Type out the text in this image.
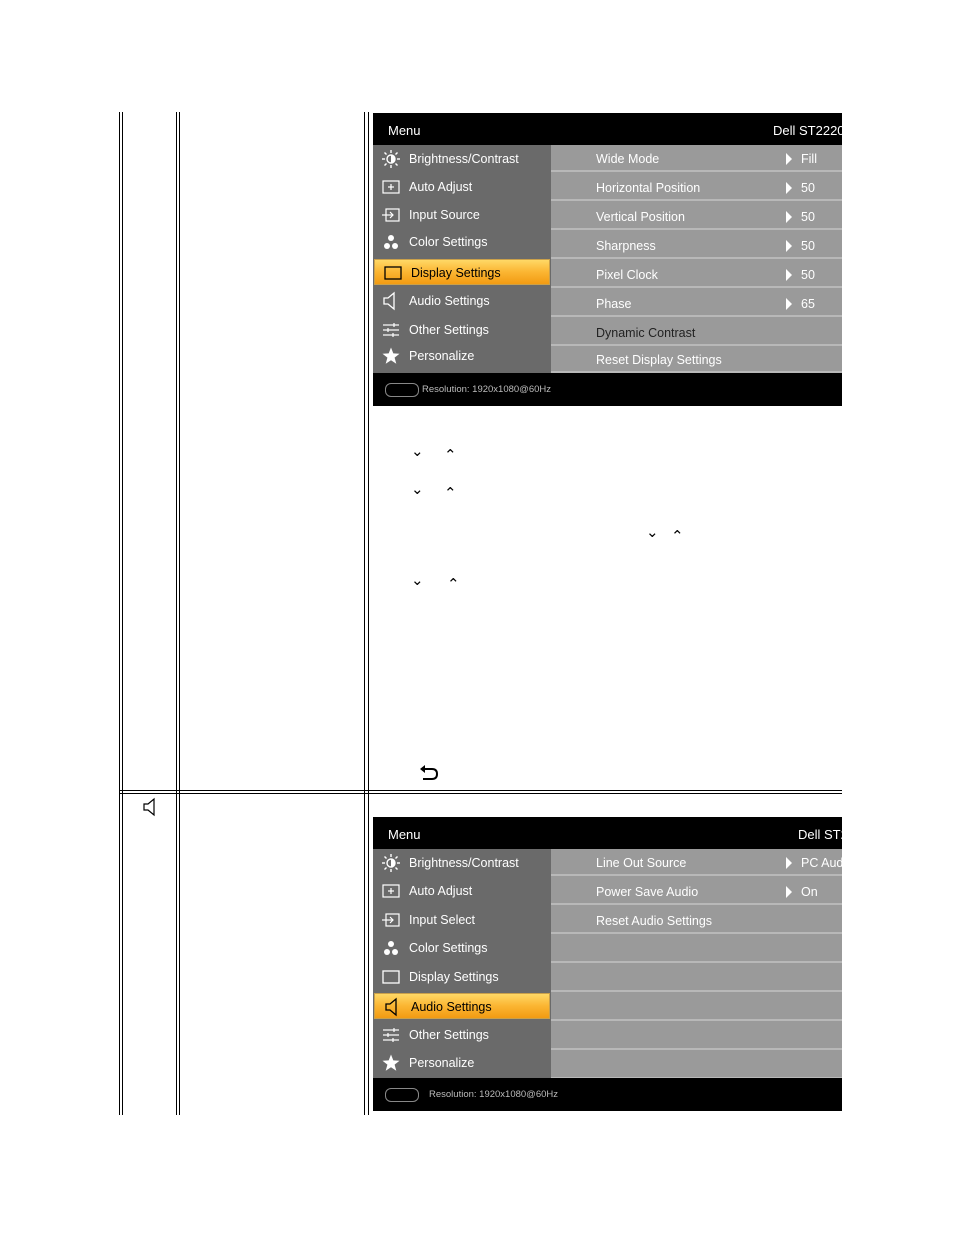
Menu	Dell ST2220
Brightness/Contrast
Auto Adjust
Input Source
Color Settings
Display Settings
Audio Settings
Other Settings
Personalize
Wide Mode	Fill
Horizontal Position	50
Vertical Position	50
Sharpness	50
Pixel Clock	50
Phase	65
Dynamic Contrast
Reset Display Settings
Resolution: 1920x1080@60Hz
⌄ ⌃
⌄ ⌃
⌄ ⌃
⌄ ⌃
Menu	Dell ST2220
Brightness/Contrast
Auto Adjust
Input Select
Color Settings
Display Settings
Audio Settings
Other Settings
Personalize
Line Out Source	PC Audio
Power Save Audio	On
Reset Audio Settings
Resolution: 1920x1080@60Hz
